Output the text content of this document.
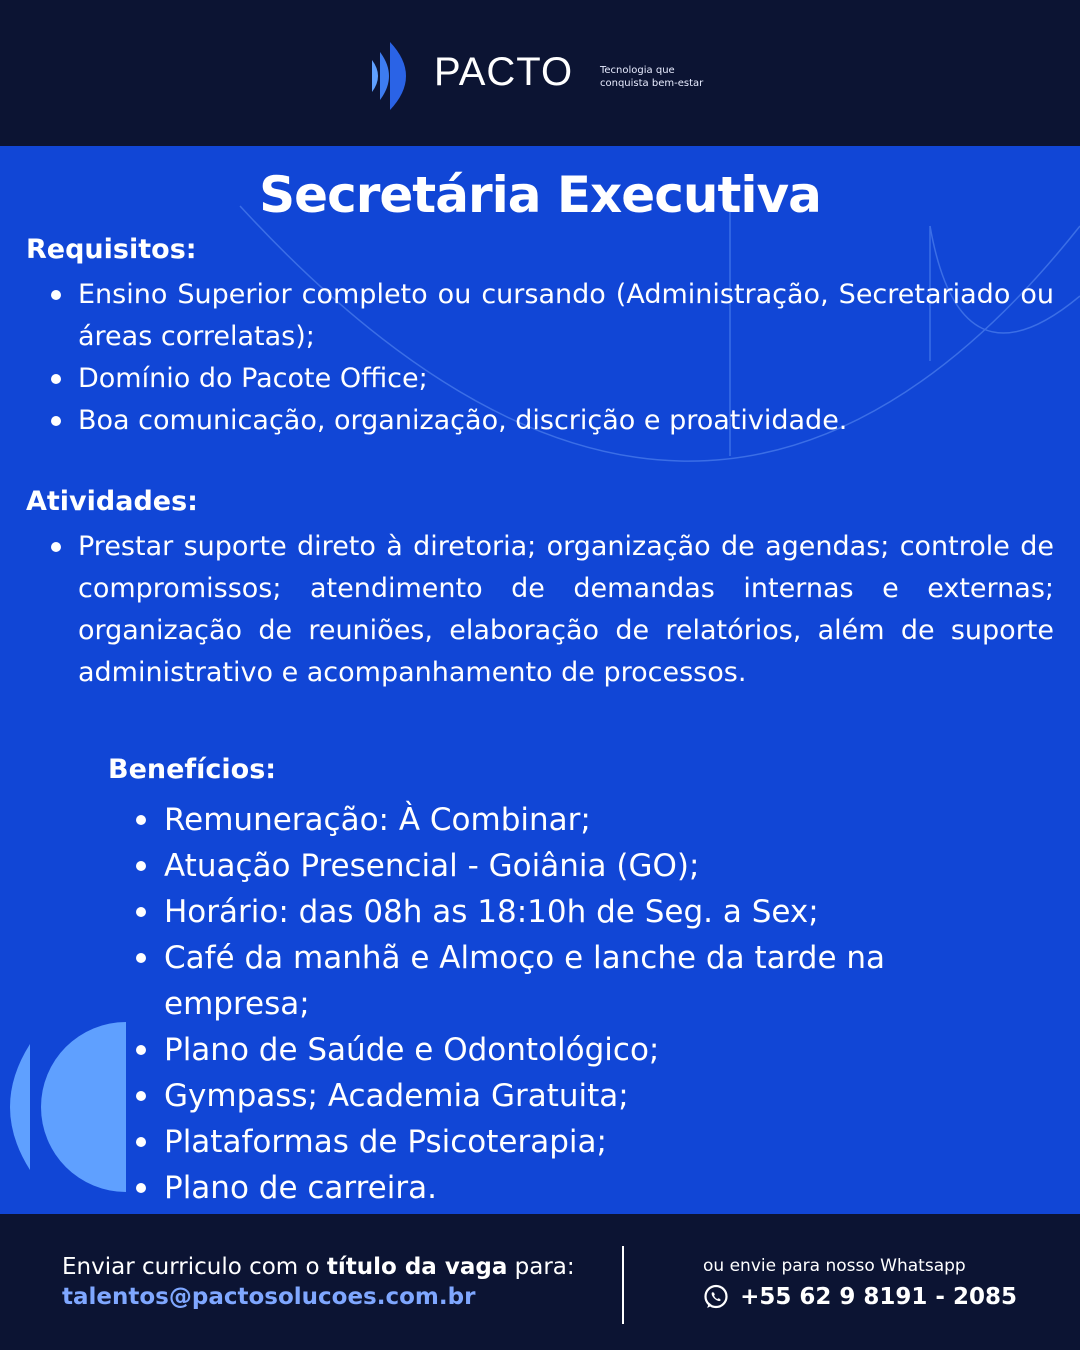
PACTO	Tecnologia que
conquista bem-estar
Secretária Executiva
Requisitos:
Ensino Superior completo ou cursando (Administração, Secretariado ou áreas correlatas);
Domínio do Pacote Office;
Boa comunicação, organização, discrição e proatividade.
Atividades:
Prestar suporte direto à diretoria; organização de agendas; controle de compromissos; atendimento de demandas internas e externas; organização de reuniões, elaboração de relatórios, além de suporte administrativo e acompanhamento de processos.
Benefícios:
Remuneração: À Combinar;
Atuação Presencial - Goiânia (GO);
Horário: das 08h as 18:10h de Seg. a Sex;
Café da manhã e Almoço e lanche da tarde na empresa;
Plano de Saúde e Odontológico;
Gympass; Academia Gratuita;
Plataformas de Psicoterapia;
Plano de carreira.
Enviar curriculo com o título da vaga para:
talentos@pactosolucoes.com.br
ou envie para nosso Whatsapp
+55 62 9 8191 - 2085
